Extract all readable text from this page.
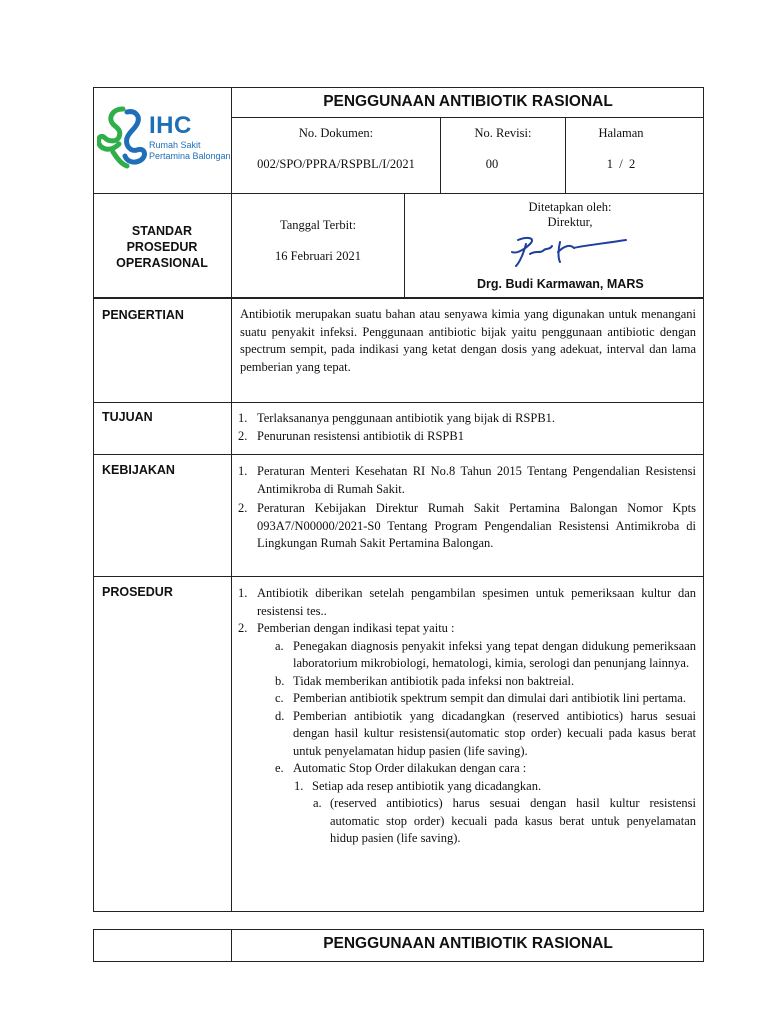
PENGGUNAAN ANTIBIOTIK RASIONAL
IHC
Rumah Sakit
Pertamina Balongan
No. Dokumen:
002/SPO/PPRA/RSPBL/I/2021
No. Revisi:
00
Halaman
1  /  2
STANDAR PROSEDUR OPERASIONAL
Tanggal Terbit:
16 Februari 2021
Ditetapkan oleh:
Direktur,
Drg. Budi Karmawan, MARS
PENGERTIAN	Antibiotik merupakan suatu bahan atau senyawa kimia yang digunakan untuk menangani suatu penyakit infeksi. Penggunaan antibiotic bijak yaitu penggunaan antibiotic dengan spectrum sempit, pada indikasi yang ketat dengan dosis yang adekuat, interval dan lama pemberian yang tepat.
TUJUAN	1. Terlaksananya penggunaan antibiotik yang bijak di RSPB1.
2. Penurunan resistensi antibiotik di RSPB1
KEBIJAKAN	1. Peraturan Menteri Kesehatan RI No.8 Tahun 2015 Tentang Pengendalian Resistensi Antimikroba di Rumah Sakit.
2. Peraturan Kebijakan Direktur Rumah Sakit Pertamina Balongan Nomor Kpts 093A7/N00000/2021-S0 Tentang Program Pengendalian Resistensi Antimikroba di Lingkungan Rumah Sakit Pertamina Balongan.
PROSEDUR	1. Antibiotik diberikan setelah pengambilan spesimen untuk pemeriksaan kultur dan resistensi tes..
2. Pemberian dengan indikasi tepat yaitu :
a. Penegakan diagnosis penyakit infeksi yang tepat dengan didukung pemeriksaan laboratorium mikrobiologi, hematologi, kimia, serologi dan penunjang lainnya.
b. Tidak memberikan antibiotik pada infeksi non baktreial.
c. Pemberian antibiotik spektrum sempit dan dimulai dari antibiotik lini pertama.
d. Pemberian antibiotik yang dicadangkan (reserved antibiotics) harus sesuai dengan hasil kultur resistensi(automatic stop order) kecuali pada kasus berat untuk penyelamatan hidup pasien (life saving).
e. Automatic Stop Order dilakukan dengan cara :
1. Setiap ada resep antibiotik yang dicadangkan.
a. (reserved antibiotics) harus sesuai dengan hasil kultur resistensi automatic stop order) kecuali pada kasus berat untuk penyelamatan hidup pasien (life saving).
PENGGUNAAN ANTIBIOTIK RASIONAL
